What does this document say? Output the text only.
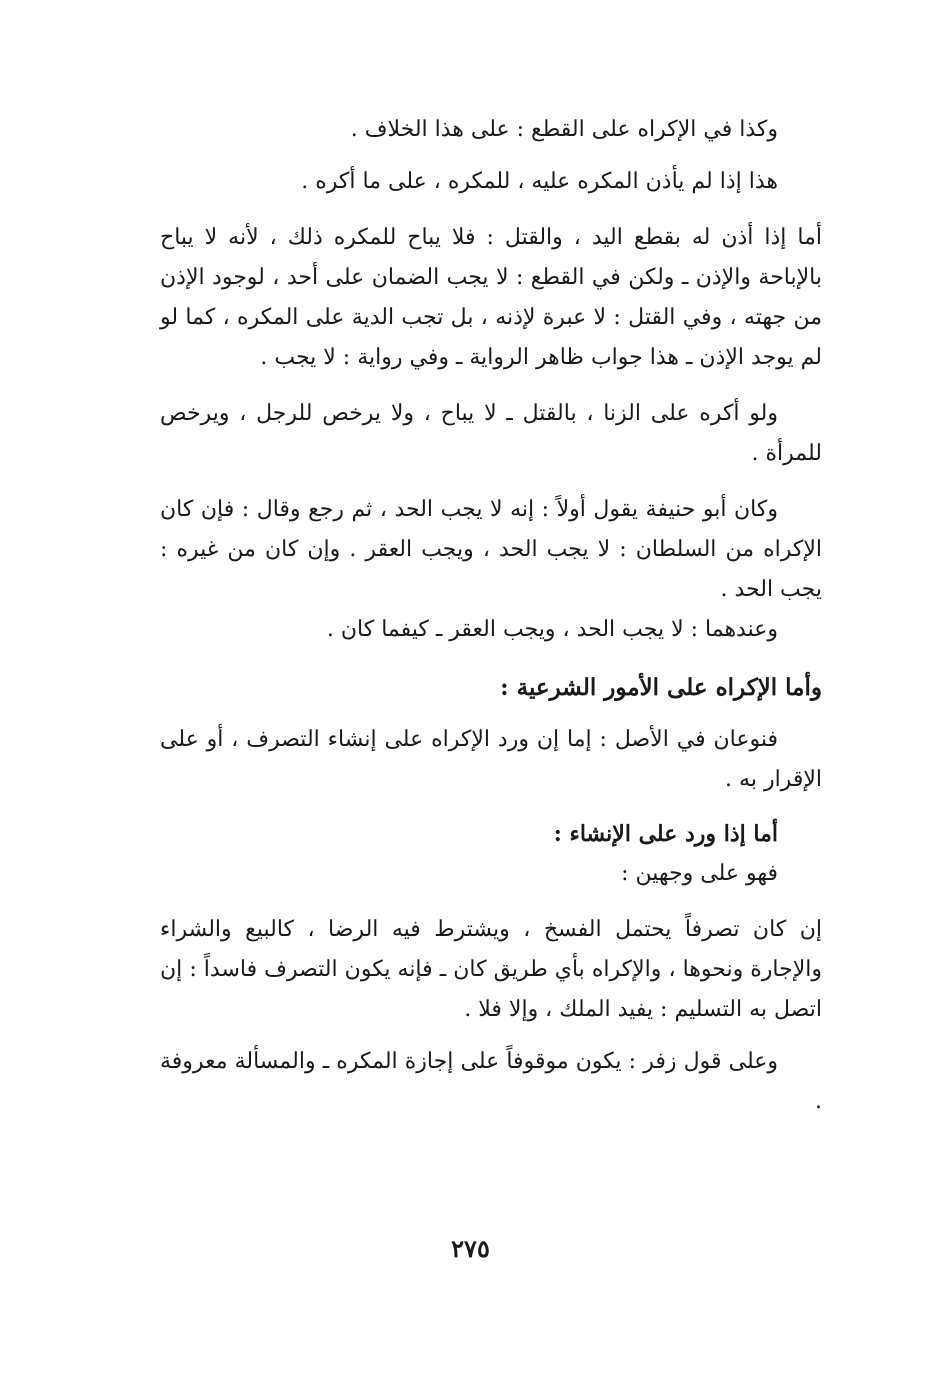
وكذا في الإكراه على القطع : على هذا الخلاف .

هذا إذا لم يأذن المكره عليه ، للمكره ، على ما أكره .

أما إذا أذن له بقطع اليد ، والقتل : فلا يباح للمكره ذلك ، لأنه لا يباح بالإباحة والإذن ـ ولكن في القطع : لا يجب الضمان على أحد ، لوجود الإذن من جهته ، وفي القتل : لا عبرة لإذنه ، بل تجب الدية على المكره ، كما لو لم يوجد الإذن ـ هذا جواب ظاهر الرواية ـ وفي رواية : لا يجب .

ولو أكره على الزنا ، بالقتل ـ لا يباح ، ولا يرخص للرجل ، ويرخص للمرأة .

وكان أبو حنيفة يقول أولاً : إنه لا يجب الحد ، ثم رجع وقال : فإن كان الإكراه من السلطان : لا يجب الحد ، ويجب العقر . وإن كان من غيره : يجب الحد .

وعندهما : لا يجب الحد ، ويجب العقر ـ كيفما كان .

وأما الإكراه على الأمور الشرعية :

فنوعان في الأصل : إما إن ورد الإكراه على إنشاء التصرف ، أو على الإقرار به .

أما إذا ورد على الإنشاء :

فهو على وجهين :

إن كان تصرفاً يحتمل الفسخ ، ويشترط فيه الرضا ، كالبيع والشراء والإجارة ونحوها ، والإكراه بأي طريق كان ـ فإنه يكون التصرف فاسداً : إن اتصل به التسليم : يفيد الملك ، وإلا فلا .

وعلى قول زفر : يكون موقوفاً على إجازة المكره ـ والمسألة معروفة .

٢٧٥
